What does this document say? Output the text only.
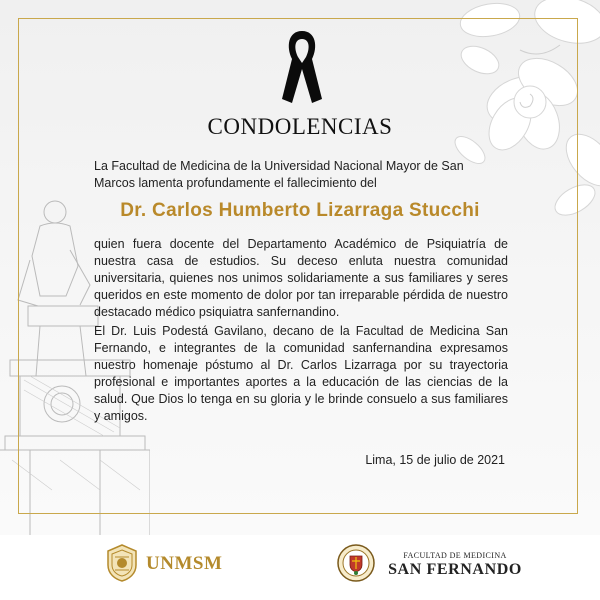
CONDOLENCIAS

La Facultad de Medicina de la Universidad Nacional Mayor de San Marcos lamenta profundamente el fallecimiento del

Dr. Carlos Humberto Lizarraga Stucchi

quien fuera docente del Departamento Académico de Psiquiatría de nuestra casa de estudios. Su deceso enluta nuestra comunidad universitaria, quienes nos unimos solidariamente a sus familiares y seres queridos en este momento de dolor por tan irreparable pérdida de nuestro destacado médico psiquiatra sanfernandino.

El Dr. Luis Podestá Gavilano, decano de la Facultad de Medicina San Fernando, e integrantes de la comunidad sanfernandina expresamos nuestro homenaje póstumo al Dr. Carlos Lizarraga por su trayectoria profesional e importantes aportes a la educación de las ciencias de la salud. Que Dios lo tenga en su gloria y le brinde consuelo a sus familiares y amigos.

Lima, 15 de julio de 2021
UNMSM	FACULTAD DE MEDICINA
SAN FERNANDO
